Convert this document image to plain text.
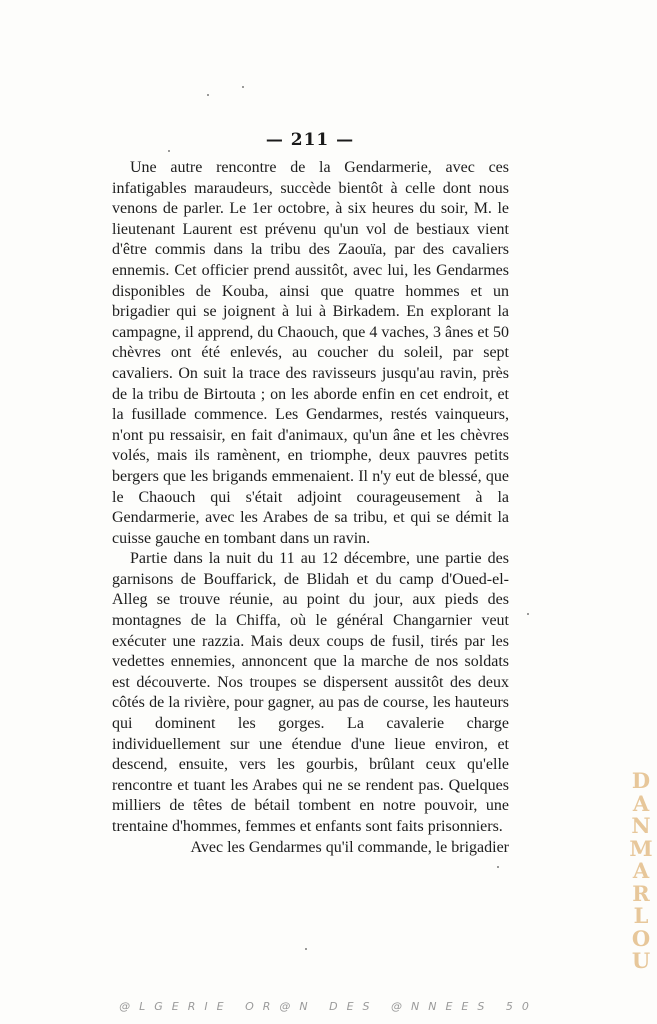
— 211 —

Une autre rencontre de la Gendarmerie, avec ces infatigables maraudeurs, succède bientôt à celle dont nous venons de parler. Le 1er octobre, à six heures du soir, M. le lieutenant Laurent est prévenu qu'un vol de bestiaux vient d'être commis dans la tribu des Zaouïa, par des cavaliers ennemis. Cet officier prend aussitôt, avec lui, les Gendarmes disponibles de Kouba, ainsi que quatre hommes et un brigadier qui se joignent à lui à Birkadem. En explorant la campagne, il apprend, du Chaouch, que 4 vaches, 3 ânes et 50 chèvres ont été enlevés, au coucher du soleil, par sept cavaliers. On suit la trace des ravisseurs jusqu'au ravin, près de la tribu de Birtouta ; on les aborde enfin en cet endroit, et la fusillade commence. Les Gendarmes, restés vainqueurs, n'ont pu ressaisir, en fait d'animaux, qu'un âne et les chèvres volés, mais ils ramènent, en triomphe, deux pauvres petits bergers que les brigands emmenaient. Il n'y eut de blessé, que le Chaouch qui s'était adjoint courageusement à la Gendarmerie, avec les Arabes de sa tribu, et qui se démit la cuisse gauche en tombant dans un ravin.

Partie dans la nuit du 11 au 12 décembre, une partie des garnisons de Bouffarick, de Blidah et du camp d'Oued-el-Alleg se trouve réunie, au point du jour, aux pieds des montagnes de la Chiffa, où le général Changarnier veut exécuter une razzia. Mais deux coups de fusil, tirés par les vedettes ennemies, annoncent que la marche de nos soldats est découverte. Nos troupes se dispersent aussitôt des deux côtés de la rivière, pour gagner, au pas de course, les hauteurs qui dominent les gorges. La cavalerie charge individuellement sur une étendue d'une lieue environ, et descend, ensuite, vers les gourbis, brûlant ceux qu'elle rencontre et tuant les Arabes qui ne se rendent pas. Quelques milliers de têtes de bétail tombent en notre pouvoir, une trentaine d'hommes, femmes et enfants sont faits prisonniers.

Avec les Gendarmes qu'il commande, le brigadier

DANMARLOU
@LGERIE OR@N DES @NNEES 50
